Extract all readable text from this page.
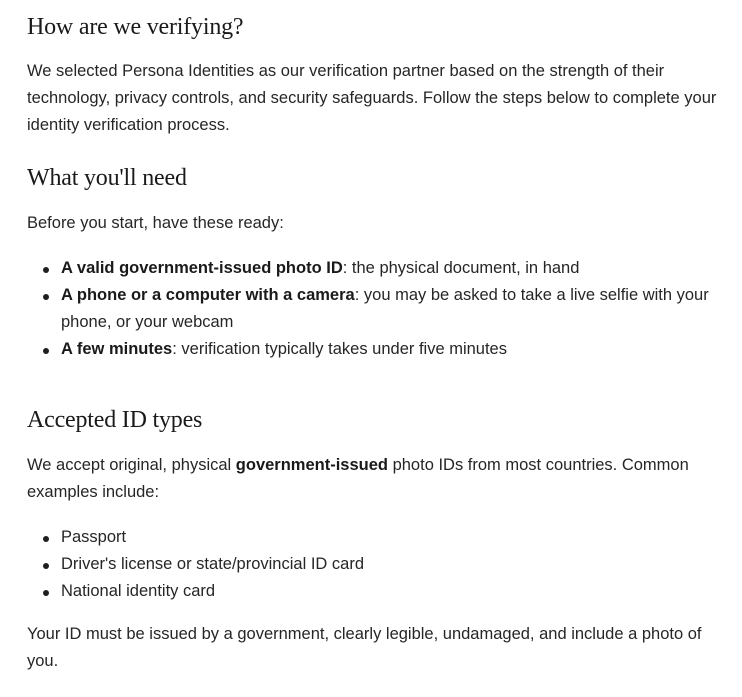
How are we verifying?

We selected Persona Identities as our verification partner based on the strength of their technology, privacy controls, and security safeguards. Follow the steps below to complete your identity verification process.

What you'll need

Before you start, have these ready:

A valid government-issued photo ID: the physical document, in hand
A phone or a computer with a camera: you may be asked to take a live selfie with your phone, or your webcam
A few minutes: verification typically takes under five minutes
Accepted ID types

We accept original, physical government-issued photo IDs from most countries. Common examples include:

Passport
Driver's license or state/provincial ID card
National identity card

Your ID must be issued by a government, clearly legible, undamaged, and include a photo of you.
